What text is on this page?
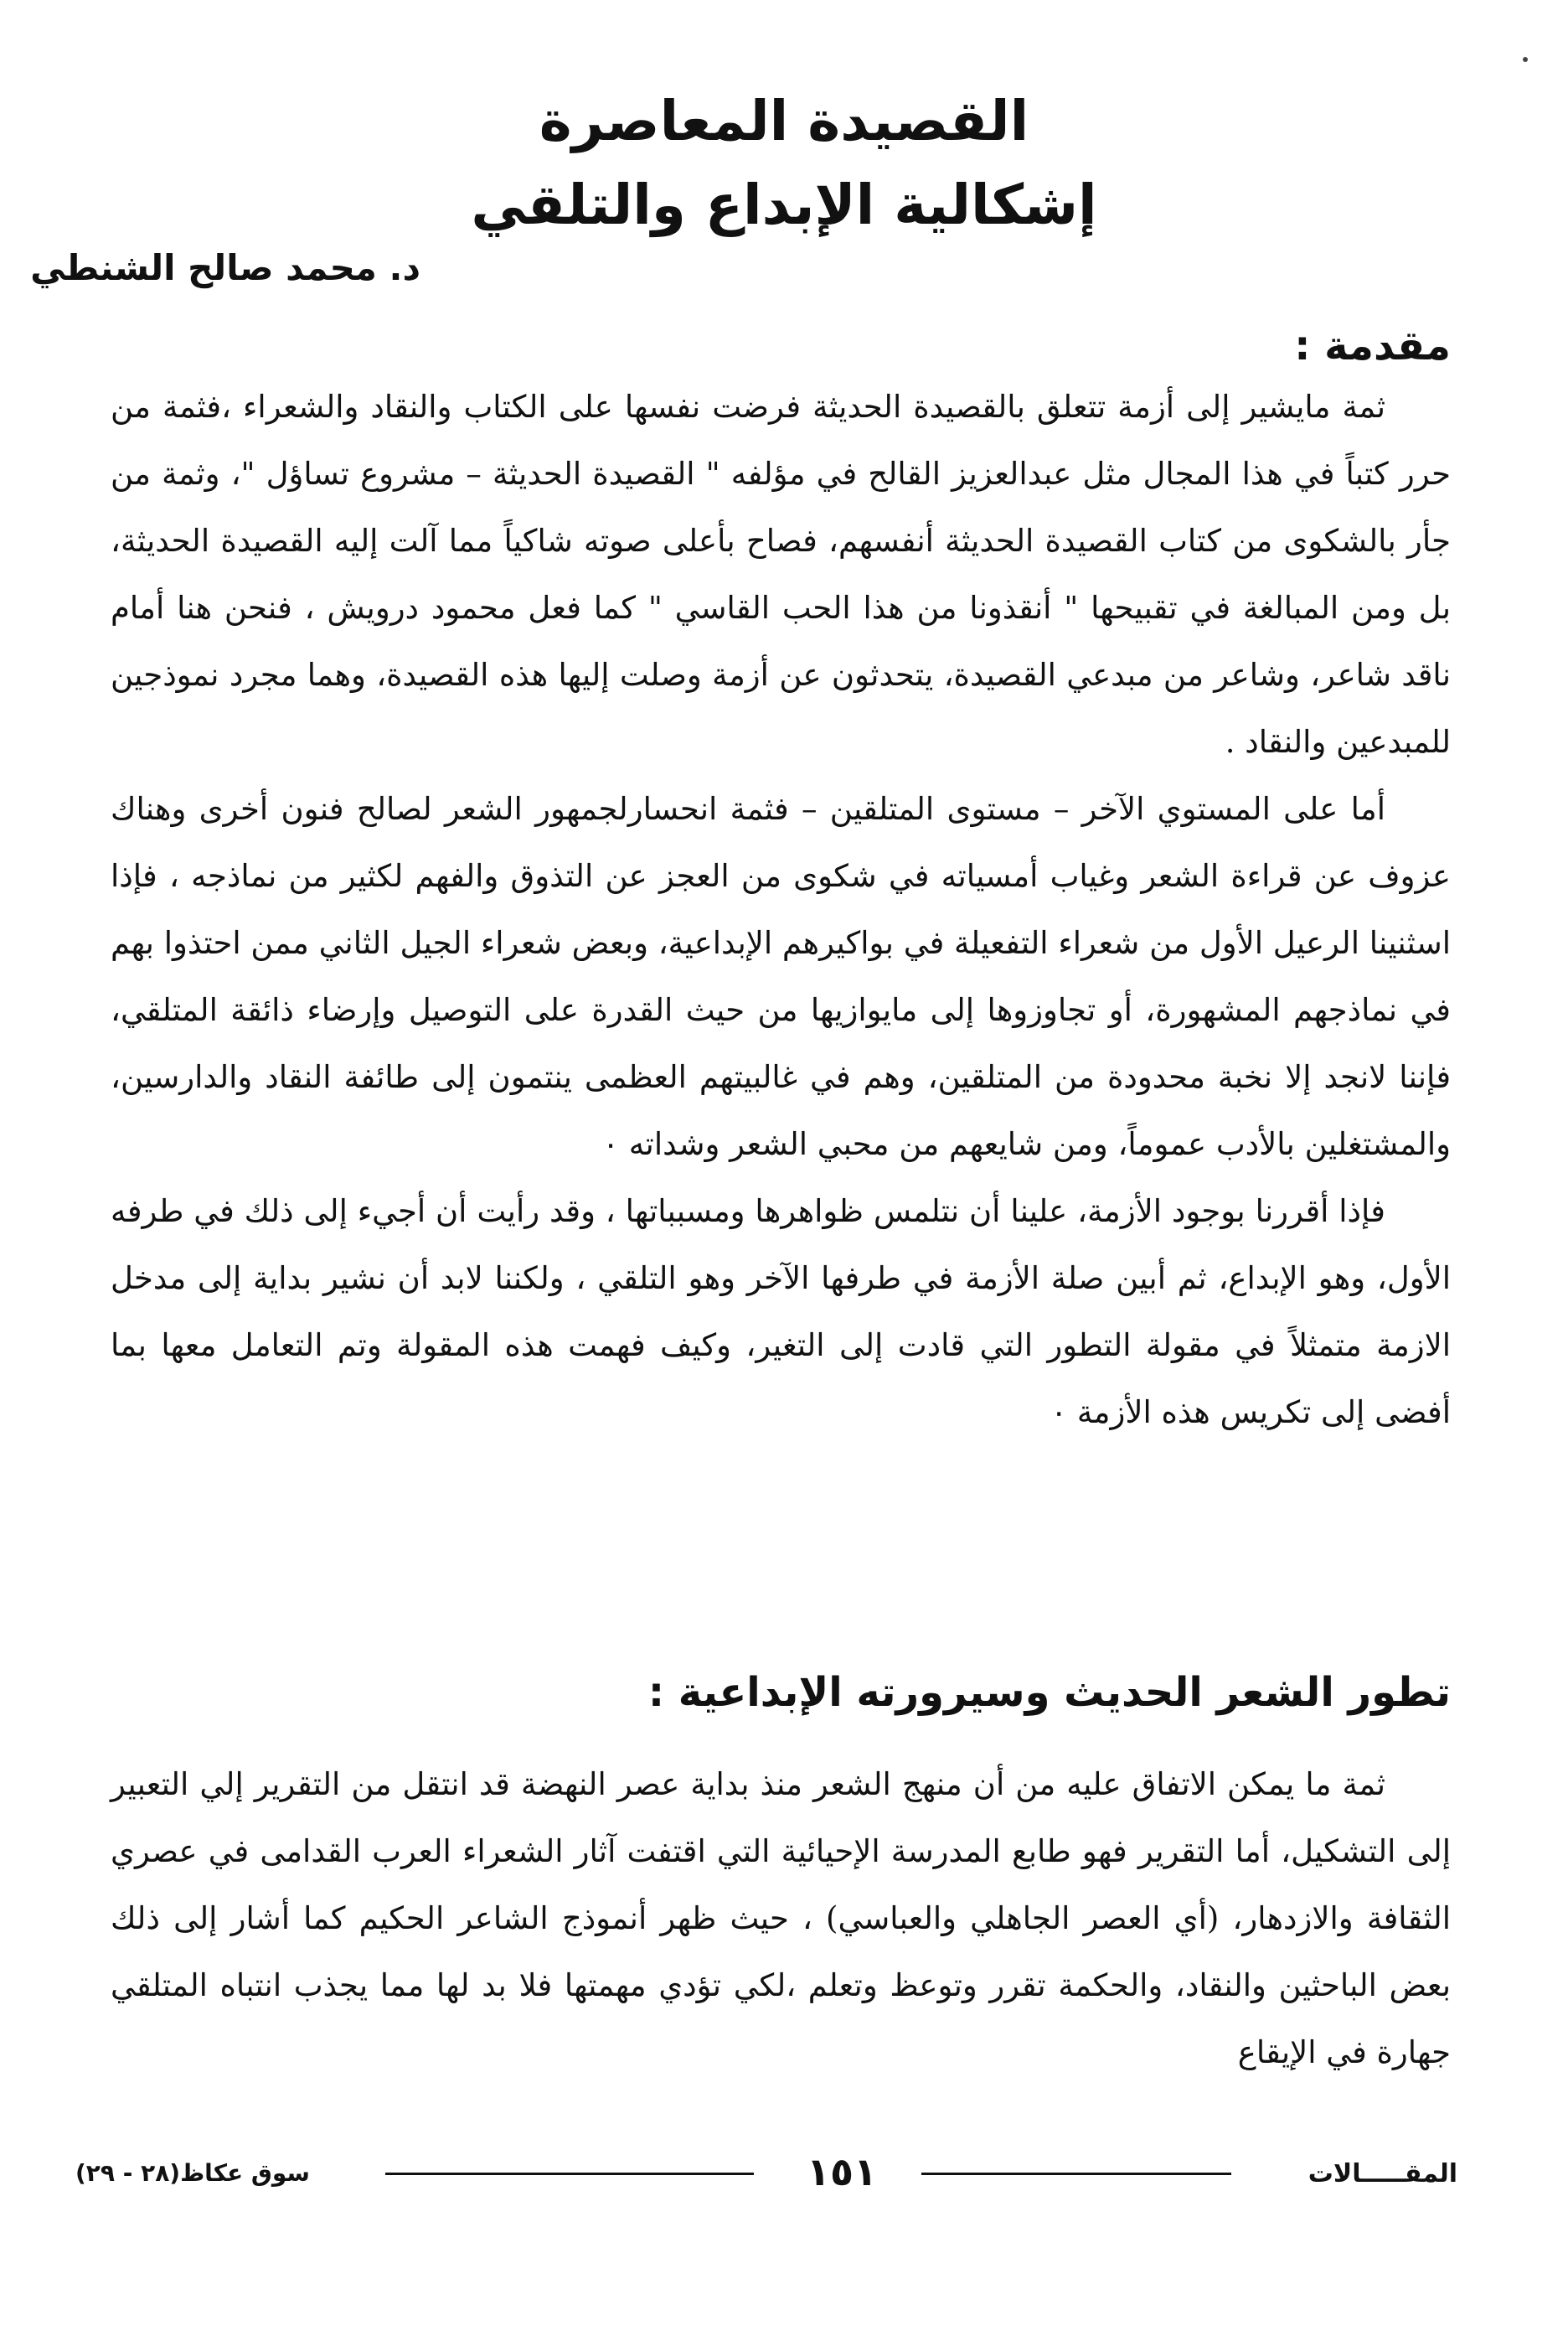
القصيدة المعاصرة
إشكالية الإبداع والتلقي
د. محمد صالح الشنطي
مقدمة :

ثمة مايشير إلى أزمة تتعلق بالقصيدة الحديثة فرضت نفسها على الكتاب والنقاد والشعراء ،فثمة من حرر كتباً في هذا المجال مثل عبدالعزيز القالح في مؤلفه " القصيدة الحديثة – مشروع تساؤل "، وثمة من جأر بالشكوى من كتاب القصيدة الحديثة أنفسهم، فصاح بأعلى صوته شاكياً مما آلت إليه القصيدة الحديثة، بل ومن المبالغة في تقبيحها " أنقذونا من هذا الحب القاسي " كما فعل محمود درويش ، فنحن هنا أمام ناقد شاعر، وشاعر من مبدعي القصيدة، يتحدثون عن أزمة وصلت إليها هذه القصيدة، وهما مجرد نموذجين للمبدعين والنقاد .

أما على المستوي الآخر – مستوى المتلقين – فثمة انحسارلجمهور الشعر لصالح فنون أخرى وهناك عزوف عن قراءة الشعر وغياب أمسياته في شكوى من العجز عن التذوق والفهم لكثير من نماذجه ، فإذا اسثنينا الرعيل الأول من شعراء التفعيلة في بواكيرهم الإبداعية، وبعض شعراء الجيل الثاني ممن احتذوا بهم في نماذجهم المشهورة، أو تجاوزوها إلى مايوازيها من حيث القدرة على التوصيل وإرضاء ذائقة المتلقي، فإننا لانجد إلا نخبة محدودة من المتلقين، وهم في غالبيتهم العظمى ينتمون إلى طائفة النقاد والدارسين، والمشتغلين بالأدب عموماً، ومن شايعهم من محبي الشعر وشداته ٠

فإذا أقررنا بوجود الأزمة، علينا أن نتلمس ظواهرها ومسبباتها ، وقد رأيت أن أجيء إلى ذلك في طرفه الأول، وهو الإبداع، ثم أبين صلة الأزمة في طرفها الآخر وهو التلقي ، ولكننا لابد أن نشير بداية إلى مدخل الازمة متمثلاً في مقولة التطور التي قادت إلى التغير، وكيف فهمت هذه المقولة وتم التعامل معها بما أفضى إلى تكريس هذه الأزمة ٠

تطور الشعر الحديث وسيرورته الإبداعية :

ثمة ما يمكن الاتفاق عليه من أن منهج الشعر منذ بداية عصر النهضة قد انتقل من التقرير إلي التعبير إلى التشكيل، أما التقرير فهو طابع المدرسة الإحيائية التي اقتفت آثار الشعراء العرب القدامى في عصري الثقافة والازدهار، (أي العصر الجاهلي والعباسي) ، حيث ظهر أنموذج الشاعر الحكيم كما أشار إلى ذلك بعض الباحثين والنقاد، والحكمة تقرر وتوعظ وتعلم ،لكي تؤدي مهمتها فلا بد لها مما يجذب انتباه المتلقي جهارة في الإيقاع

سوق عكاظ(٢٨ - ٢٩)	١٥١	المقـــــالات
